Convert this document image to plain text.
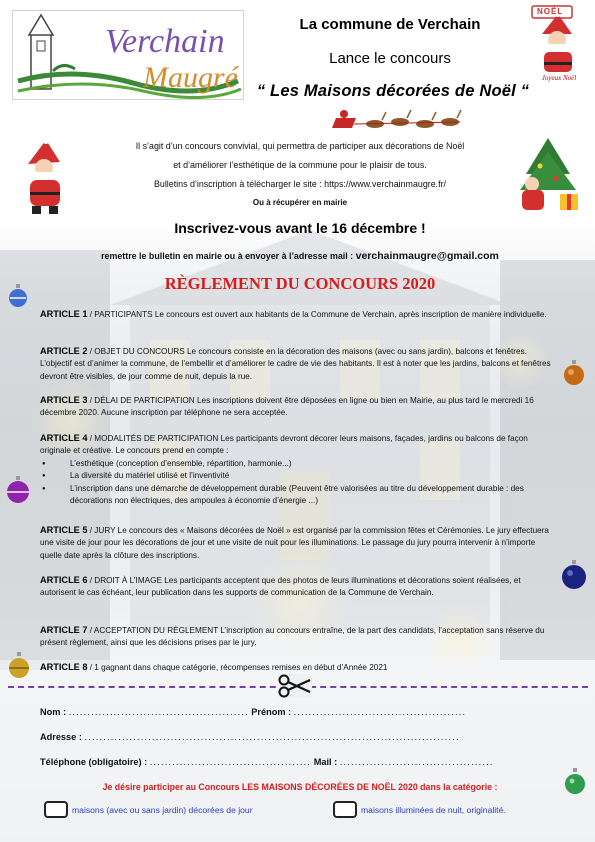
Verchain
Maugré
La commune de Verchain
Lance le concours
“ Les Maisons décorées de Noël “
NOËL
Joyeux Noël
Il s’agit d’un concours convivial, qui permettra de participer aux décorations de Noël
et d’améliorer l’esthétique de la commune pour le plaisir de tous.
Bulletins d’inscription à télécharger le site : https://www.verchainmaugre.fr/
Ou à récupérer en mairie
Inscrivez-vous avant le 16 décembre !
remettre le bulletin en mairie ou à envoyer à l’adresse mail : verchainmaugre@gmail.com
RÈGLEMENT DU CONCOURS 2020
ARTICLE 1 / PARTICIPANTS Le concours est ouvert aux habitants de la Commune de Verchain, après inscription de manière individuelle.
ARTICLE 2 / OBJET DU CONCOURS Le concours consiste en la décoration des maisons (avec ou sans jardin), balcons et fenêtres. L’objectif est d’animer la commune, de l’embellir et d’améliorer le cadre de vie des habitants. Il est à noter que les jardins, balcons et fenêtres devront être visibles, de jour comme de nuit, depuis la rue.
ARTICLE 3 / DÉLAI DE PARTICIPATION Les inscriptions doivent être déposées en ligne ou bien en Mairie, au plus tard le mercredi 16 décembre 2020. Aucune inscription par téléphone ne sera acceptée.
ARTICLE 4 / MODALITÉS DE PARTICIPATION Les participants devront décorer leurs maisons, façades, jardins ou balcons de façon originale et créative. Le concours prend en compte :
● L’esthétique (conception d’ensemble, répartition, harmonie...)
● La diversité du matériel utilisé et l’inventivité
● L’inscription dans une démarche de développement durable (Peuvent être valorisées au titre du développement durable : des décorations non électriques, des ampoules à économie d’énergie ...)
ARTICLE 5 / JURY Le concours des « Maisons décorées de Noël » est organisé par la commission fêtes et Cérémonies. Le jury effectuera une visite de jour pour les décorations de jour et une visite de nuit pour les illuminations. Le passage du jury pourra intervenir à n’importe quelle date après la clôture des inscriptions.
ARTICLE 6 / DROIT À L’IMAGE Les participants acceptent que des photos de leurs illuminations et décorations soient réalisées, et autorisent le cas échéant, leur publication dans les supports de communication de la Commune de Verchain.
ARTICLE 7 / ACCEPTATION DU RÈGLEMENT L’inscription au concours entraîne, de la part des candidats, l’acceptation sans réserve du présent règlement, ainsi que les décisions prises par le jury.
ARTICLE 8 / 1 gagnant dans chaque catégorie, récompenses remises en début d’Année 2021
Nom : ................................................ Prénom : ..............................................
Adresse : ....................................................................................................
Téléphone (obligatoire) : ........................................... Mail : .........................................
Je désire participer au Concours LES MAISONS DÉCORÉES DE NOËL 2020 dans la catégorie :
maisons (avec ou sans jardin) décorées de jour	maisons illuminées de nuit, originalité.
